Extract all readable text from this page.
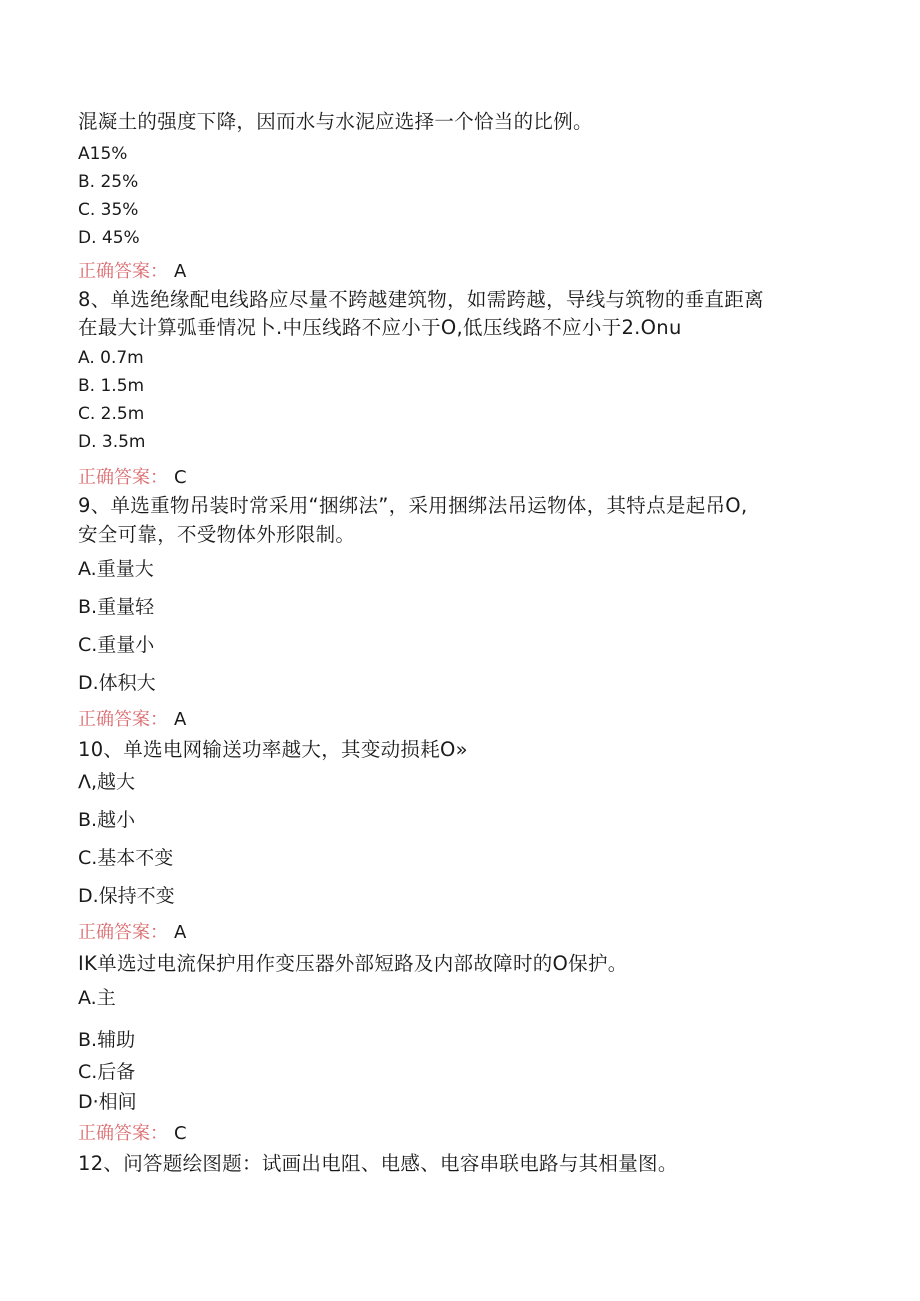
混凝土的强度下降，因而水与水泥应选择一个恰当的比例。
A15%
B. 25%
C. 35%
D. 45%
正确答案： A
8、单选绝缘配电线路应尽量不跨越建筑物，如需跨越，导线与筑物的垂直距离
在最大计算弧垂情况卜.中压线路不应小于O,低压线路不应小于2.Onu
A. 0.7m
B. 1.5m
C. 2.5m
D. 3.5m
正确答案： C
9、单选重物吊装时常采用“捆绑法”，采用捆绑法吊运物体，其特点是起吊O,
安全可靠，不受物体外形限制。
A.重量大
B.重量轻
C.重量小
D.体积大
正确答案： A
10、单选电网输送功率越大，其变动损耗O»
Λ,越大
B.越小
C.基本不变
D.保持不变
正确答案： A
IK单选过电流保护用作变压器外部短路及内部故障时的O保护。
A.主
B.辅助
C.后备
D·相间
正确答案： C
12、问答题绘图题：试画出电阻、电感、电容串联电路与其相量图。
